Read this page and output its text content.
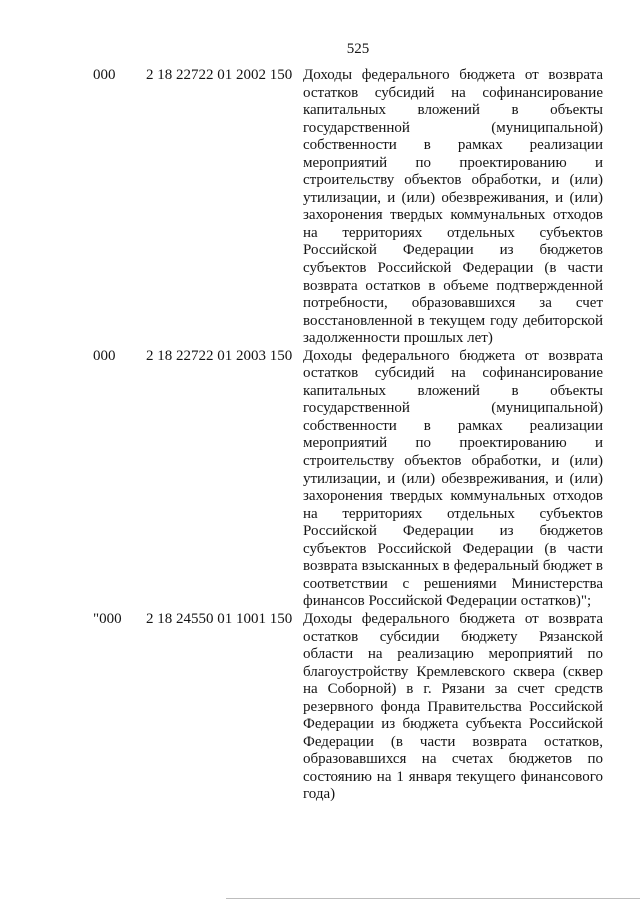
525
000 2 18 22722 01 2002 150 Доходы федерального бюджета от возврата
остатков субсидий на софинансирование
капитальных вложений в объекты
государственной (муниципальной)
собственности в рамках реализации
мероприятий по проектированию и
строительству объектов обработки, и (или)
утилизации, и (или) обезвреживания, и (или)
захоронения твердых коммунальных отходов
на территориях отдельных субъектов
Российской Федерации из бюджетов
субъектов Российской Федерации (в части
возврата остатков в объеме подтвержденной
потребности, образовавшихся за счет
восстановленной в текущем году дебиторской
задолженности прошлых лет)
000 2 18 22722 01 2003 150 Доходы федерального бюджета от возврата
остатков субсидий на софинансирование
капитальных вложений в объекты
государственной (муниципальной)
собственности в рамках реализации
мероприятий по проектированию и
строительству объектов обработки, и (или)
утилизации, и (или) обезвреживания, и (или)
захоронения твердых коммунальных отходов
на территориях отдельных субъектов
Российской Федерации из бюджетов
субъектов Российской Федерации (в части
возврата взысканных в федеральный бюджет в
соответствии с решениями Министерства
финансов Российской Федерации остатков)";
"000 2 18 24550 01 1001 150 Доходы федерального бюджета от возврата
остатков субсидии бюджету Рязанской
области на реализацию мероприятий по
благоустройству Кремлевского сквера (сквер
на Соборной) в г. Рязани за счет средств
резервного фонда Правительства Российской
Федерации из бюджета субъекта Российской
Федерации (в части возврата остатков,
образовавшихся на счетах бюджетов по
состоянию на 1 января текущего финансового
года)
